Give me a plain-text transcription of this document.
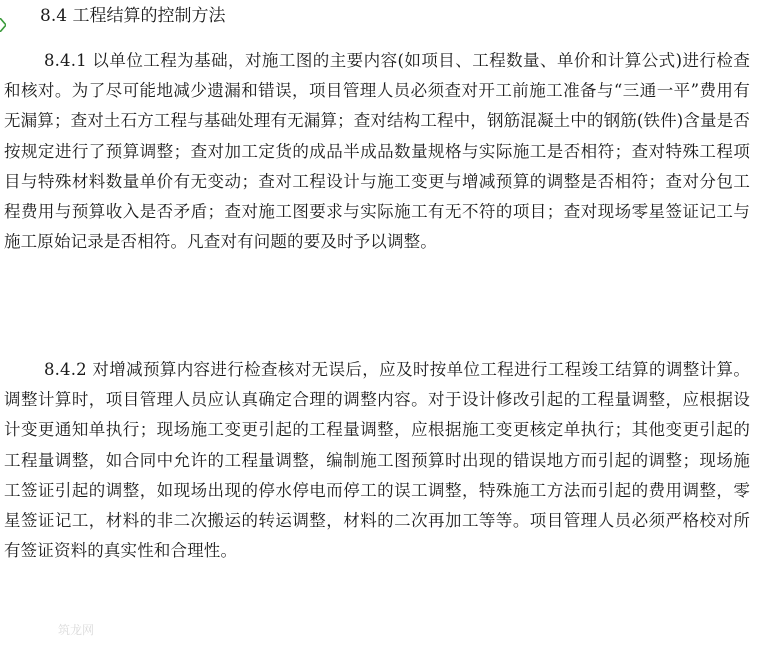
8.4 工程结算的控制方法

8.4.1 以单位工程为基础，对施工图的主要内容(如项目、工程数量、单价和计算公式)进行检查和核对。为了尽可能地减少遗漏和错误，项目管理人员必须查对开工前施工准备与“三通一平”费用有无漏算；查对土石方工程与基础处理有无漏算；查对结构工程中，钢筋混凝土中的钢筋(铁件)含量是否按规定进行了预算调整；查对加工定货的成品半成品数量规格与实际施工是否相符；查对特殊工程项目与特殊材料数量单价有无变动；查对工程设计与施工变更与增减预算的调整是否相符；查对分包工程费用与预算收入是否矛盾；查对施工图要求与实际施工有无不符的项目；查对现场零星签证记工与施工原始记录是否相符。凡查对有问题的要及时予以调整。

8.4.2 对增减预算内容进行检查核对无误后，应及时按单位工程进行工程竣工结算的调整计算。调整计算时，项目管理人员应认真确定合理的调整内容。对于设计修改引起的工程量调整，应根据设计变更通知单执行；现场施工变更引起的工程量调整，应根据施工变更核定单执行；其他变更引起的工程量调整，如合同中允许的工程量调整，编制施工图预算时出现的错误地方而引起的调整；现场施工签证引起的调整，如现场出现的停水停电而停工的误工调整，特殊施工方法而引起的费用调整，零星签证记工，材料的非二次搬运的转运调整，材料的二次再加工等等。项目管理人员必须严格校对所有签证资料的真实性和合理性。

筑龙网
